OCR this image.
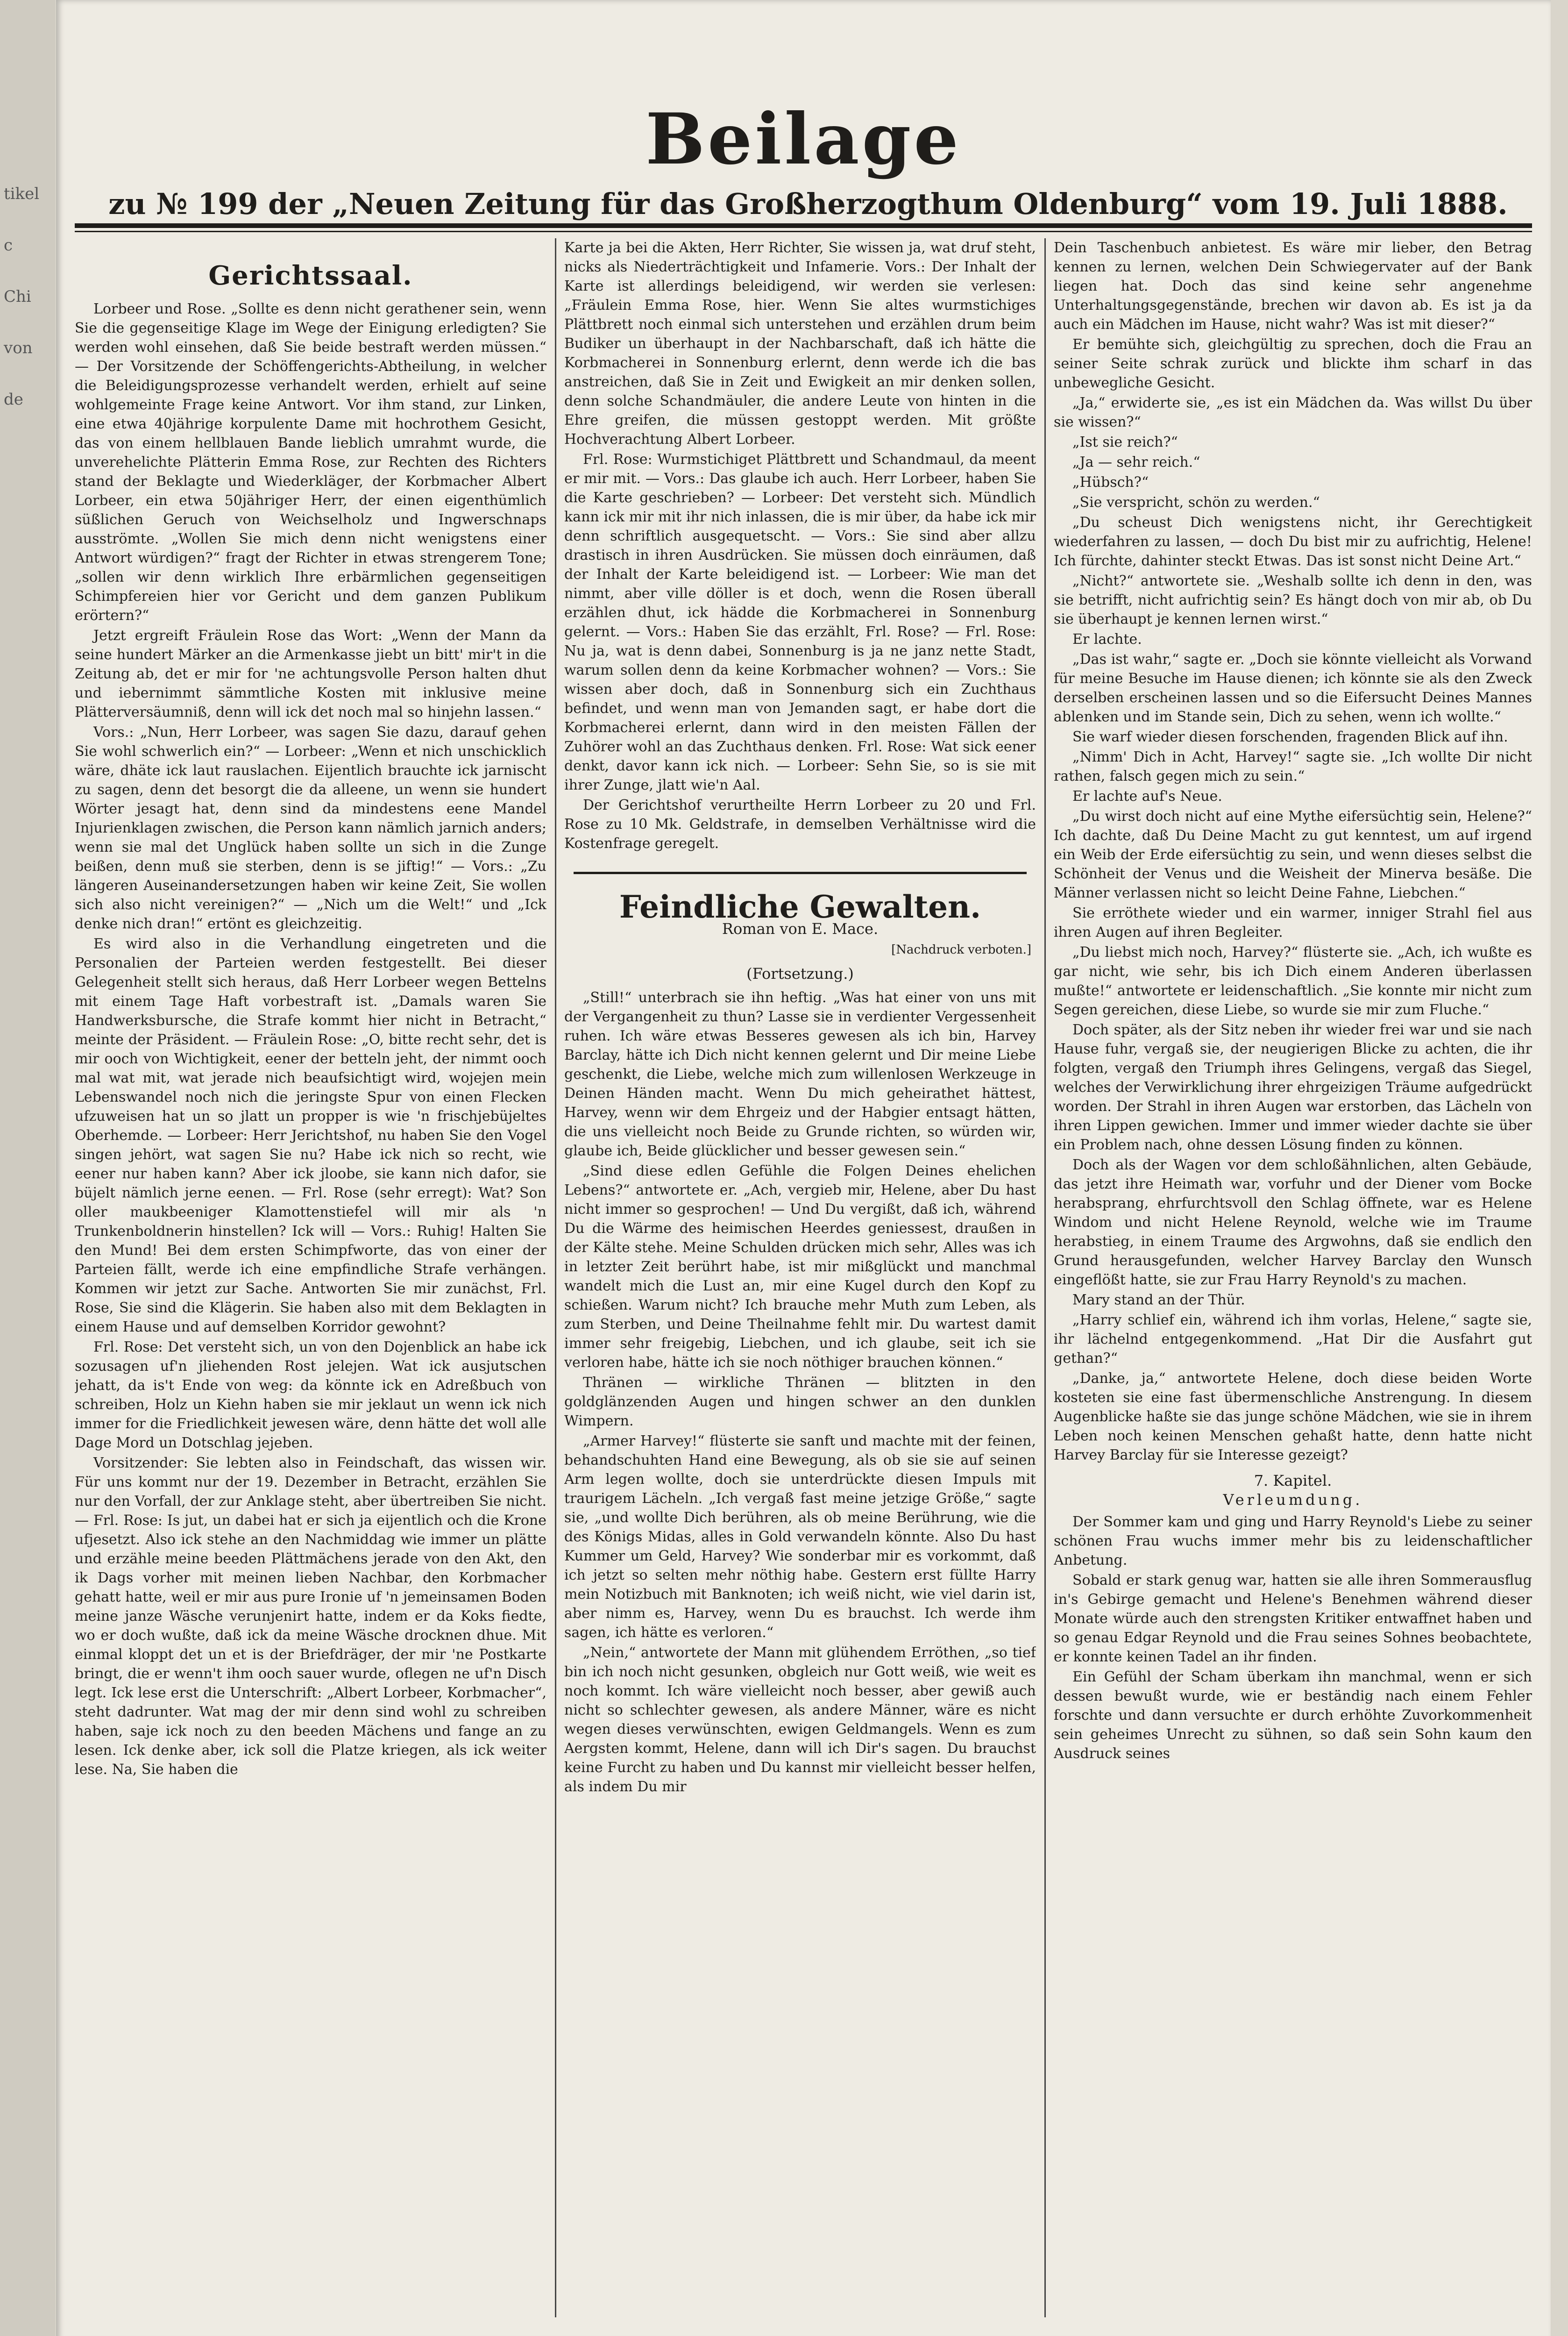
tikel
c
Chi
von
de
Beilage
zu № 199 der „Neuen Zeitung für das Großherzogthum Oldenburg“ vom 19. Juli 1888.
Gerichtssaal.

Lorbeer und Rose. „Sollte es denn nicht gerathener sein, wenn Sie die gegenseitige Klage im Wege der Einigung erledigten? Sie werden wohl einsehen, daß Sie beide bestraft werden müssen.“ — Der Vorsitzende der Schöffengerichts-Abtheilung, in welcher die Beleidigungsprozesse verhandelt werden, erhielt auf seine wohlgemeinte Frage keine Antwort. Vor ihm stand, zur Linken, eine etwa 40jährige korpulente Dame mit hochrothem Gesicht, das von einem hellblauen Bande lieblich umrahmt wurde, die unverehelichte Plätterin Emma Rose, zur Rechten des Richters stand der Beklagte und Wiederkläger, der Korbmacher Albert Lorbeer, ein etwa 50jähriger Herr, der einen eigenthümlich süßlichen Geruch von Weichselholz und Ingwerschnaps ausströmte. „Wollen Sie mich denn nicht wenigstens einer Antwort würdigen?“ fragt der Richter in etwas strengerem Tone; „sollen wir denn wirklich Ihre erbärmlichen gegenseitigen Schimpfereien hier vor Gericht und dem ganzen Publikum erörtern?“

Jetzt ergreift Fräulein Rose das Wort: „Wenn der Mann da seine hundert Märker an die Armenkasse jiebt un bitt' mir't in die Zeitung ab, det er mir for 'ne achtungsvolle Person halten dhut und iebernimmt sämmtliche Kosten mit inklusive meine Plätterversäumniß, denn will ick det noch mal so hinjehn lassen.“

Vors.: „Nun, Herr Lorbeer, was sagen Sie dazu, darauf gehen Sie wohl schwerlich ein?“ — Lorbeer: „Wenn et nich unschicklich wäre, dhäte ick laut rauslachen. Eijentlich brauchte ick jarnischt zu sagen, denn det besorgt die da alleene, un wenn sie hundert Wörter jesagt hat, denn sind da mindestens eene Mandel Injurienklagen zwischen, die Person kann nämlich jarnich anders; wenn sie mal det Unglück haben sollte un sich in die Zunge beißen, denn muß sie sterben, denn is se jiftig!“ — Vors.: „Zu längeren Auseinandersetzungen haben wir keine Zeit, Sie wollen sich also nicht vereinigen?“ — „Nich um die Welt!“ und „Ick denke nich dran!“ ertönt es gleichzeitig.

Es wird also in die Verhandlung eingetreten und die Personalien der Parteien werden festgestellt. Bei dieser Gelegenheit stellt sich heraus, daß Herr Lorbeer wegen Bettelns mit einem Tage Haft vorbestraft ist. „Damals waren Sie Handwerksbursche, die Strafe kommt hier nicht in Betracht,“ meinte der Präsident. — Fräulein Rose: „O, bitte recht sehr, det is mir ooch von Wichtigkeit, eener der betteln jeht, der nimmt ooch mal wat mit, wat jerade nich beaufsichtigt wird, wojejen mein Lebenswandel noch nich die jeringste Spur von einen Flecken ufzuweisen hat un so jlatt un propper is wie 'n frischjebüjeltes Oberhemde. — Lorbeer: Herr Jerichtshof, nu haben Sie den Vogel singen jehört, wat sagen Sie nu? Habe ick nich so recht, wie eener nur haben kann? Aber ick jloobe, sie kann nich dafor, sie büjelt nämlich jerne eenen. — Frl. Rose (sehr erregt): Wat? Son oller maukbeeniger Klamottenstiefel will mir als 'n Trunkenboldnerin hinstellen? Ick will — Vors.: Ruhig! Halten Sie den Mund! Bei dem ersten Schimpfworte, das von einer der Parteien fällt, werde ich eine empfindliche Strafe verhängen. Kommen wir jetzt zur Sache. Antworten Sie mir zunächst, Frl. Rose, Sie sind die Klägerin. Sie haben also mit dem Beklagten in einem Hause und auf demselben Korridor gewohnt?

Frl. Rose: Det versteht sich, un von den Dojenblick an habe ick sozusagen uf'n jliehenden Rost jelejen. Wat ick ausjutschen jehatt, da is't Ende von weg: da könnte ick en Adreßbuch von schreiben, Holz un Kiehn haben sie mir jeklaut un wenn ick nich immer for die Friedlichkeit jewesen wäre, denn hätte det woll alle Dage Mord un Dotschlag jejeben.

Vorsitzender: Sie lebten also in Feindschaft, das wissen wir. Für uns kommt nur der 19. Dezember in Betracht, erzählen Sie nur den Vorfall, der zur Anklage steht, aber übertreiben Sie nicht. — Frl. Rose: Is jut, un dabei hat er sich ja eijentlich och die Krone ufjesetzt. Also ick stehe an den Nachmiddag wie immer un plätte und erzähle meine beeden Plättmächens jerade von den Akt, den ik Dags vorher mit meinen lieben Nachbar, den Korbmacher gehatt hatte, weil er mir aus pure Ironie uf 'n jemeinsamen Boden meine janze Wäsche verunjenirt hatte, indem er da Koks fiedte, wo er doch wußte, daß ick da meine Wäsche drocknen dhue. Mit einmal kloppt det un et is der Briefdräger, der mir 'ne Postkarte bringt, die er wenn't ihm ooch sauer wurde, oflegen ne uf'n Disch legt. Ick lese erst die Unterschrift: „Albert Lorbeer, Korbmacher“, steht dadrunter. Wat mag der mir denn sind wohl zu schreiben haben, saje ick noch zu den beeden Mächens und fange an zu lesen. Ick denke aber, ick soll die Platze kriegen, als ick weiter lese. Na, Sie haben die

Karte ja bei die Akten, Herr Richter, Sie wissen ja, wat druf steht, nicks als Niederträchtigkeit und Infamerie. Vors.: Der Inhalt der Karte ist allerdings beleidigend, wir werden sie verlesen: „Fräulein Emma Rose, hier. Wenn Sie altes wurmstichiges Plättbrett noch einmal sich unterstehen und erzählen drum beim Budiker un überhaupt in der Nachbarschaft, daß ich hätte die Korbmacherei in Sonnenburg erlernt, denn werde ich die bas anstreichen, daß Sie in Zeit und Ewigkeit an mir denken sollen, denn solche Schandmäuler, die andere Leute von hinten in die Ehre greifen, die müssen gestoppt werden. Mit größte Hochverachtung Albert Lorbeer.

Frl. Rose: Wurmstichiget Plättbrett und Schandmaul, da meent er mir mit. — Vors.: Das glaube ich auch. Herr Lorbeer, haben Sie die Karte geschrieben? — Lorbeer: Det versteht sich. Mündlich kann ick mir mit ihr nich inlassen, die is mir über, da habe ick mir denn schriftlich ausgequetscht. — Vors.: Sie sind aber allzu drastisch in ihren Ausdrücken. Sie müssen doch einräumen, daß der Inhalt der Karte beleidigend ist. — Lorbeer: Wie man det nimmt, aber ville döller is et doch, wenn die Rosen überall erzählen dhut, ick hädde die Korbmacherei in Sonnenburg gelernt. — Vors.: Haben Sie das erzählt, Frl. Rose? — Frl. Rose: Nu ja, wat is denn dabei, Sonnenburg is ja ne janz nette Stadt, warum sollen denn da keine Korbmacher wohnen? — Vors.: Sie wissen aber doch, daß in Sonnenburg sich ein Zuchthaus befindet, und wenn man von Jemanden sagt, er habe dort die Korbmacherei erlernt, dann wird in den meisten Fällen der Zuhörer wohl an das Zuchthaus denken. Frl. Rose: Wat sick eener denkt, davor kann ick nich. — Lorbeer: Sehn Sie, so is sie mit ihrer Zunge, jlatt wie'n Aal.

Der Gerichtshof verurtheilte Herrn Lorbeer zu 20 und Frl. Rose zu 10 Mk. Geldstrafe, in demselben Verhältnisse wird die Kostenfrage geregelt.

Feindliche Gewalten.
Roman von E. Mace.
[Nachdruck verboten.]
(Fortsetzung.)

„Still!“ unterbrach sie ihn heftig. „Was hat einer von uns mit der Vergangenheit zu thun? Lasse sie in verdienter Vergessenheit ruhen. Ich wäre etwas Besseres gewesen als ich bin, Harvey Barclay, hätte ich Dich nicht kennen gelernt und Dir meine Liebe geschenkt, die Liebe, welche mich zum willenlosen Werkzeuge in Deinen Händen macht. Wenn Du mich geheirathet hättest, Harvey, wenn wir dem Ehrgeiz und der Habgier entsagt hätten, die uns vielleicht noch Beide zu Grunde richten, so würden wir, glaube ich, Beide glücklicher und besser gewesen sein.“

„Sind diese edlen Gefühle die Folgen Deines ehelichen Lebens?“ antwortete er. „Ach, vergieb mir, Helene, aber Du hast nicht immer so gesprochen! — Und Du vergißt, daß ich, während Du die Wärme des heimischen Heerdes geniessest, draußen in der Kälte stehe. Meine Schulden drücken mich sehr, Alles was ich in letzter Zeit berührt habe, ist mir mißglückt und manchmal wandelt mich die Lust an, mir eine Kugel durch den Kopf zu schießen. Warum nicht? Ich brauche mehr Muth zum Leben, als zum Sterben, und Deine Theilnahme fehlt mir. Du wartest damit immer sehr freigebig, Liebchen, und ich glaube, seit ich sie verloren habe, hätte ich sie noch nöthiger brauchen können.“

Thränen — wirkliche Thränen — blitzten in den goldglänzenden Augen und hingen schwer an den dunklen Wimpern.

„Armer Harvey!“ flüsterte sie sanft und machte mit der feinen, behandschuhten Hand eine Bewegung, als ob sie sie auf seinen Arm legen wollte, doch sie unterdrückte diesen Impuls mit traurigem Lächeln. „Ich vergaß fast meine jetzige Größe,“ sagte sie, „und wollte Dich berühren, als ob meine Berührung, wie die des Königs Midas, alles in Gold verwandeln könnte. Also Du hast Kummer um Geld, Harvey? Wie sonderbar mir es vorkommt, daß ich jetzt so selten mehr nöthig habe. Gestern erst füllte Harry mein Notizbuch mit Banknoten; ich weiß nicht, wie viel darin ist, aber nimm es, Harvey, wenn Du es brauchst. Ich werde ihm sagen, ich hätte es verloren.“

„Nein,“ antwortete der Mann mit glühendem Erröthen, „so tief bin ich noch nicht gesunken, obgleich nur Gott weiß, wie weit es noch kommt. Ich wäre vielleicht noch besser, aber gewiß auch nicht so schlechter gewesen, als andere Männer, wäre es nicht wegen dieses verwünschten, ewigen Geldmangels. Wenn es zum Aergsten kommt, Helene, dann will ich Dir's sagen. Du brauchst keine Furcht zu haben und Du kannst mir vielleicht besser helfen, als indem Du mir

Dein Taschenbuch anbietest. Es wäre mir lieber, den Betrag kennen zu lernen, welchen Dein Schwiegervater auf der Bank liegen hat. Doch das sind keine sehr angenehme Unterhaltungsgegenstände, brechen wir davon ab. Es ist ja da auch ein Mädchen im Hause, nicht wahr? Was ist mit dieser?“

Er bemühte sich, gleichgültig zu sprechen, doch die Frau an seiner Seite schrak zurück und blickte ihm scharf in das unbewegliche Gesicht.

„Ja,“ erwiderte sie, „es ist ein Mädchen da. Was willst Du über sie wissen?“

„Ist sie reich?“

„Ja — sehr reich.“

„Hübsch?“

„Sie verspricht, schön zu werden.“

„Du scheust Dich wenigstens nicht, ihr Gerechtigkeit wiederfahren zu lassen, — doch Du bist mir zu aufrichtig, Helene! Ich fürchte, dahinter steckt Etwas. Das ist sonst nicht Deine Art.“

„Nicht?“ antwortete sie. „Weshalb sollte ich denn in den, was sie betrifft, nicht aufrichtig sein? Es hängt doch von mir ab, ob Du sie überhaupt je kennen lernen wirst.“

Er lachte.

„Das ist wahr,“ sagte er. „Doch sie könnte vielleicht als Vorwand für meine Besuche im Hause dienen; ich könnte sie als den Zweck derselben erscheinen lassen und so die Eifersucht Deines Mannes ablenken und im Stande sein, Dich zu sehen, wenn ich wollte.“

Sie warf wieder diesen forschenden, fragenden Blick auf ihn.

„Nimm' Dich in Acht, Harvey!“ sagte sie. „Ich wollte Dir nicht rathen, falsch gegen mich zu sein.“

Er lachte auf's Neue.

„Du wirst doch nicht auf eine Mythe eifersüchtig sein, Helene?“ Ich dachte, daß Du Deine Macht zu gut kenntest, um auf irgend ein Weib der Erde eifersüchtig zu sein, und wenn dieses selbst die Schönheit der Venus und die Weisheit der Minerva besäße. Die Männer verlassen nicht so leicht Deine Fahne, Liebchen.“

Sie erröthete wieder und ein warmer, inniger Strahl fiel aus ihren Augen auf ihren Begleiter.

„Du liebst mich noch, Harvey?“ flüsterte sie. „Ach, ich wußte es gar nicht, wie sehr, bis ich Dich einem Anderen überlassen mußte!“ antwortete er leidenschaftlich. „Sie konnte mir nicht zum Segen gereichen, diese Liebe, so wurde sie mir zum Fluche.“

Doch später, als der Sitz neben ihr wieder frei war und sie nach Hause fuhr, vergaß sie, der neugierigen Blicke zu achten, die ihr folgten, vergaß den Triumph ihres Gelingens, vergaß das Siegel, welches der Verwirklichung ihrer ehrgeizigen Träume aufgedrückt worden. Der Strahl in ihren Augen war erstorben, das Lächeln von ihren Lippen gewichen. Immer und immer wieder dachte sie über ein Problem nach, ohne dessen Lösung finden zu können.

Doch als der Wagen vor dem schloßähnlichen, alten Gebäude, das jetzt ihre Heimath war, vorfuhr und der Diener vom Bocke herabsprang, ehrfurchtsvoll den Schlag öffnete, war es Helene Windom und nicht Helene Reynold, welche wie im Traume herabstieg, in einem Traume des Argwohns, daß sie endlich den Grund herausgefunden, welcher Harvey Barclay den Wunsch eingeflößt hatte, sie zur Frau Harry Reynold's zu machen.

Mary stand an der Thür.

„Harry schlief ein, während ich ihm vorlas, Helene,“ sagte sie, ihr lächelnd entgegenkommend. „Hat Dir die Ausfahrt gut gethan?“

„Danke, ja,“ antwortete Helene, doch diese beiden Worte kosteten sie eine fast übermenschliche Anstrengung. In diesem Augenblicke haßte sie das junge schöne Mädchen, wie sie in ihrem Leben noch keinen Menschen gehaßt hatte, denn hatte nicht Harvey Barclay für sie Interesse gezeigt?

7. Kapitel.
Verleumdung.

Der Sommer kam und ging und Harry Reynold's Liebe zu seiner schönen Frau wuchs immer mehr bis zu leidenschaftlicher Anbetung.

Sobald er stark genug war, hatten sie alle ihren Sommerausflug in's Gebirge gemacht und Helene's Benehmen während dieser Monate würde auch den strengsten Kritiker entwaffnet haben und so genau Edgar Reynold und die Frau seines Sohnes beobachtete, er konnte keinen Tadel an ihr finden.

Ein Gefühl der Scham überkam ihn manchmal, wenn er sich dessen bewußt wurde, wie er beständig nach einem Fehler forschte und dann versuchte er durch erhöhte Zuvorkommenheit sein geheimes Unrecht zu sühnen, so daß sein Sohn kaum den Ausdruck seines
